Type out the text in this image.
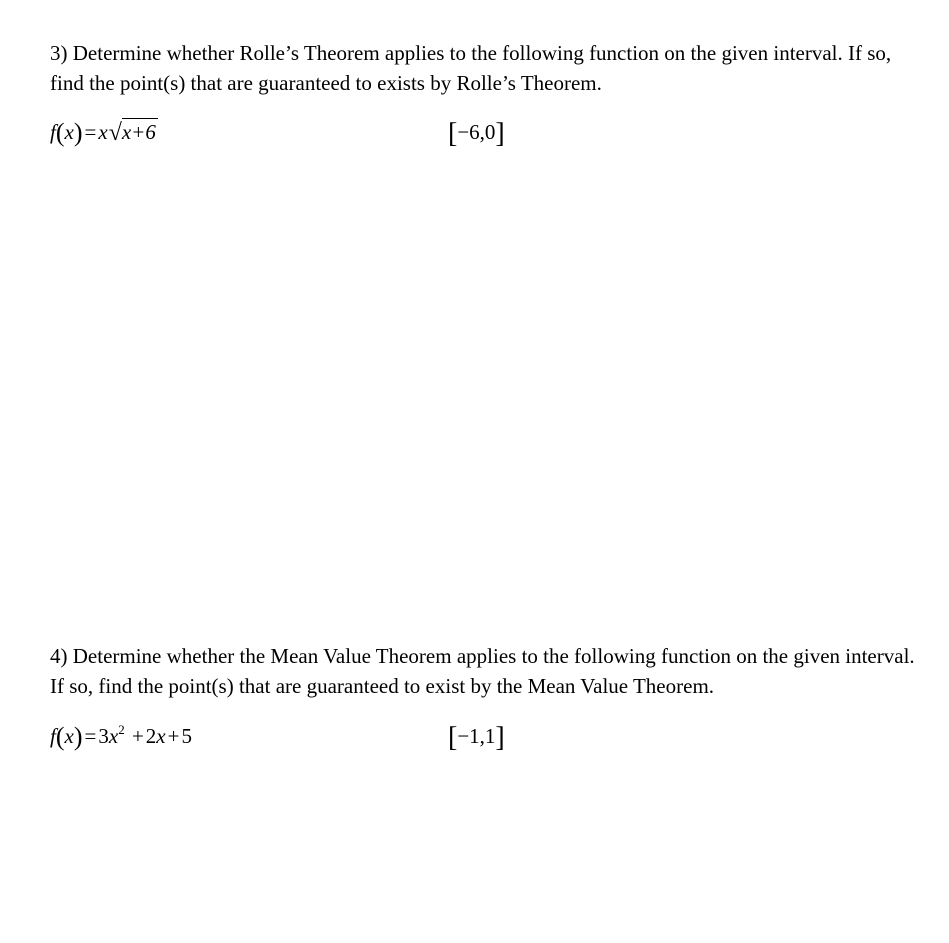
3) Determine whether Rolle’s Theorem applies to the following function on the given interval. If so, find the point(s) that are guaranteed to exists by Rolle’s Theorem.

f(x)=x√x+6	[−6,0]

4) Determine whether the Mean Value Theorem applies to the following function on the given interval. If so, find the point(s) that are guaranteed to exist by the Mean Value Theorem.

$f(x)=3x^2 +2x+5$	[−1,1]
